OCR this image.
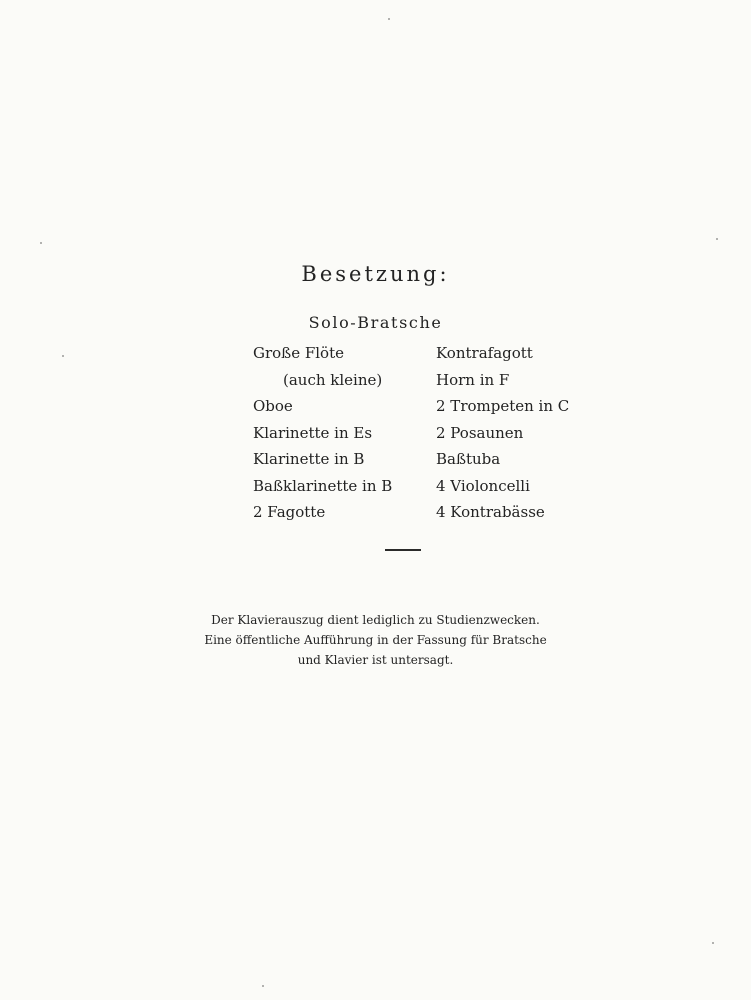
Besetzung:
Solo-Bratsche
Große Flöte
(auch kleine)
Oboe
Klarinette in Es
Klarinette in B
Baßklarinette in B
2 Fagotte
Kontrafagott
Horn in F
2 Trompeten in C
2 Posaunen
Baßtuba
4 Violoncelli
4 Kontrabässe
Der Klavierauszug dient lediglich zu Studienzwecken.
Eine öffentliche Aufführung in der Fassung für Bratsche
und Klavier ist untersagt.
